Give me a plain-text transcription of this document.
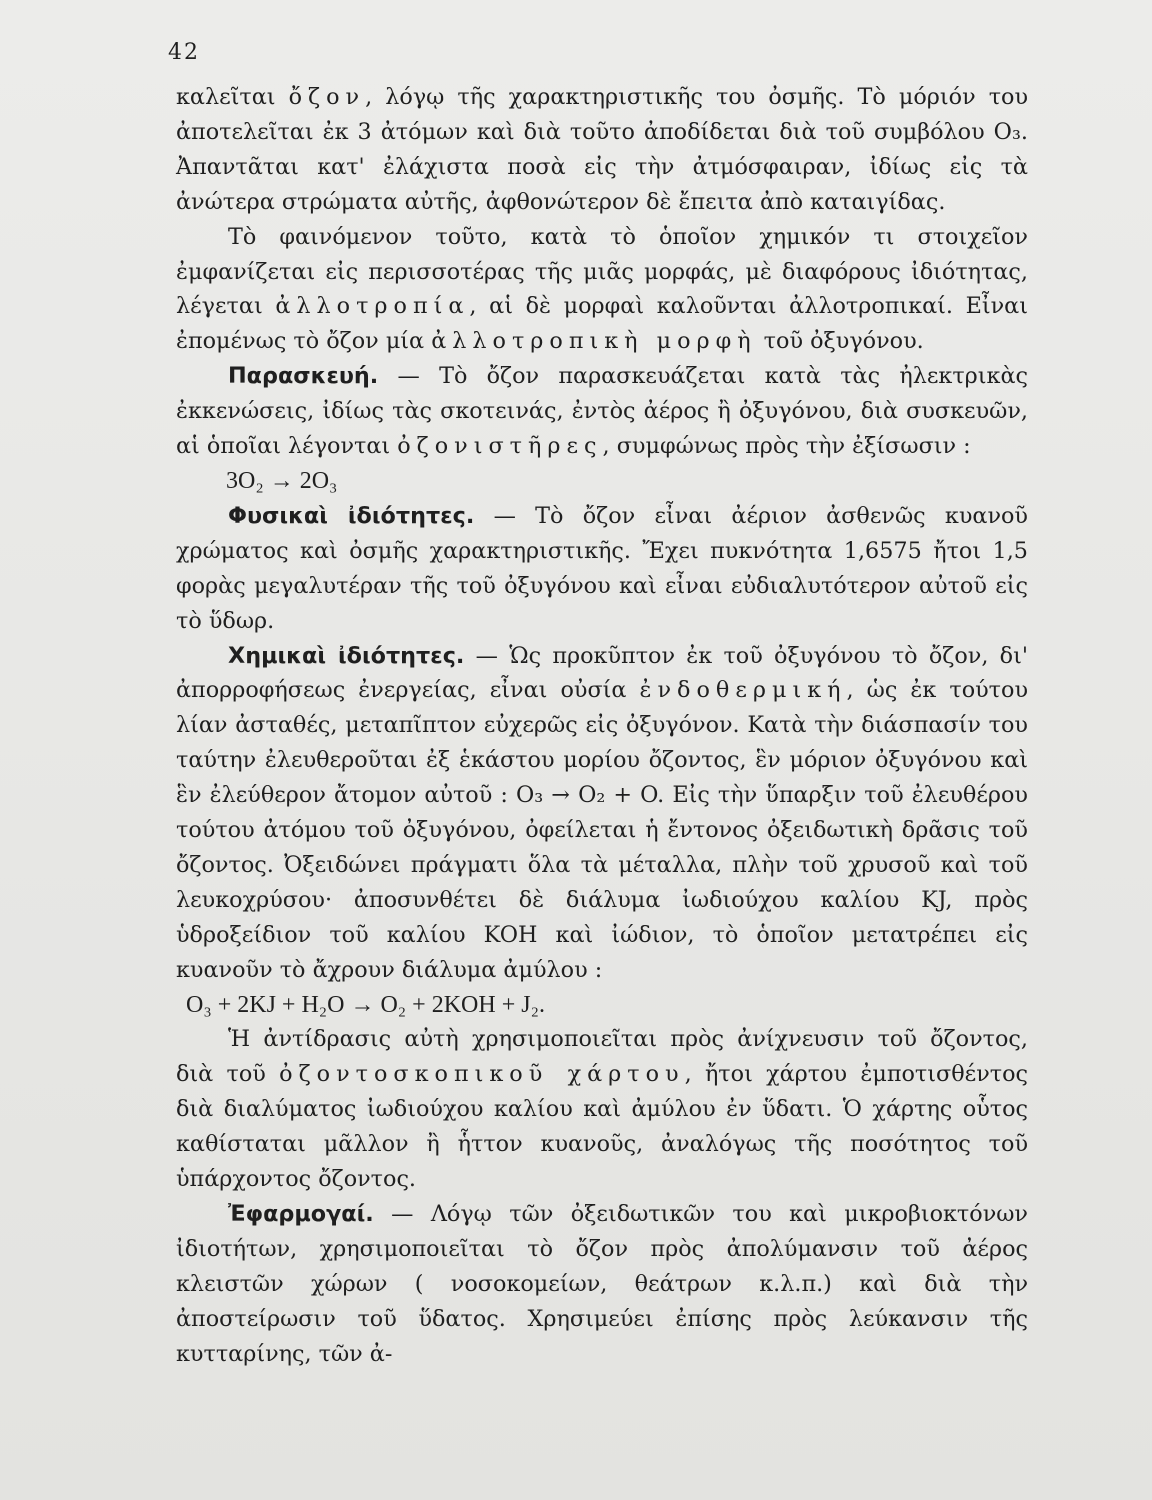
42

καλεῖται ὄζον, λόγῳ τῆς χαρακτηριστικῆς του ὀσμῆς. Τὸ μόριόν του ἀποτελεῖται ἐκ 3 ἀτόμων καὶ διὰ τοῦτο ἀποδίδεται διὰ τοῦ συμβόλου O₃. Ἀπαντᾶται κατ' ἐλάχιστα ποσὰ εἰς τὴν ἀτμόσφαιραν, ἰδίως εἰς τὰ ἀνώτερα στρώματα αὐτῆς, ἀφθονώτερον δὲ ἔπειτα ἀπὸ καταιγίδας.

Τὸ φαινόμενον τοῦτο, κατὰ τὸ ὁποῖον χημικόν τι στοιχεῖον ἐμφανίζεται εἰς περισσοτέρας τῆς μιᾶς μορφάς, μὲ διαφόρους ἰδιότητας, λέγεται ἀλλοτροπία, αἱ δὲ μορφαὶ καλοῦνται ἀλλοτροπικαί. Εἶναι ἐπομένως τὸ ὄζον μία ἀλλοτροπικὴ μορφὴ τοῦ ὀξυγόνου.

Παρασκευή. — Τὸ ὄζον παρασκευάζεται κατὰ τὰς ἠλεκτρικὰς ἐκκενώσεις, ἰδίως τὰς σκοτεινάς, ἐντὸς ἀέρος ἢ ὀξυγόνου, διὰ συσκευῶν, αἱ ὁποῖαι λέγονται ὀζονιστῆρες, συμφώνως πρὸς τὴν ἐξίσωσιν :

3O₂ → 2O₃

Φυσικαὶ ἰδιότητες. — Τὸ ὄζον εἶναι ἀέριον ἀσθενῶς κυανοῦ χρώματος καὶ ὀσμῆς χαρακτηριστικῆς. Ἔχει πυκνότητα 1,6575 ἤτοι 1,5 φορὰς μεγαλυτέραν τῆς τοῦ ὀξυγόνου καὶ εἶναι εὐδιαλυτότερον αὐτοῦ εἰς τὸ ὕδωρ.

Χημικαὶ ἰδιότητες. — Ὡς προκῦπτον ἐκ τοῦ ὀξυγόνου τὸ ὄζον, δι' ἀπορροφήσεως ἐνεργείας, εἶναι οὐσία ἐνδοθερμική, ὡς ἐκ τούτου λίαν ἀσταθές, μεταπῖπτον εὐχερῶς εἰς ὀξυγόνον. Κατὰ τὴν διάσπασίν του ταύτην ἐλευθεροῦται ἐξ ἑκάστου μορίου ὄζοντος, ἓν μόριον ὀξυγόνου καὶ ἓν ἐλεύθερον ἄτομον αὐτοῦ : O₃ → O₂ + O. Εἰς τὴν ὕπαρξιν τοῦ ἐλευθέρου τούτου ἀτόμου τοῦ ὀξυγόνου, ὀφείλεται ἡ ἔντονος ὀξειδωτικὴ δρᾶσις τοῦ ὄζοντος. Ὀξειδώνει πράγματι ὅλα τὰ μέταλλα, πλὴν τοῦ χρυσοῦ καὶ τοῦ λευκοχρύσου· ἀποσυνθέτει δὲ διάλυμα ἰωδιούχου καλίου KJ, πρὸς ὑδροξείδιον τοῦ καλίου KOH καὶ ἰώδιον, τὸ ὁποῖον μετατρέπει εἰς κυανοῦν τὸ ἄχρουν διάλυμα ἀμύλου :

O₃ + 2KJ + H₂O → O₂ + 2KOH + J₂.

Ἡ ἀντίδρασις αὐτὴ χρησιμοποιεῖται πρὸς ἀνίχνευσιν τοῦ ὄζοντος, διὰ τοῦ ὀζοντοσκοπικοῦ χάρτου, ἤτοι χάρτου ἐμποτισθέντος διὰ διαλύματος ἰωδιούχου καλίου καὶ ἀμύλου ἐν ὕδατι. Ὁ χάρτης οὗτος καθίσταται μᾶλλον ἢ ἧττον κυανοῦς, ἀναλόγως τῆς ποσότητος τοῦ ὑπάρχοντος ὄζοντος.

Ἐφαρμογαί. — Λόγῳ τῶν ὀξειδωτικῶν του καὶ μικροβιοκτόνων ἰδιοτήτων, χρησιμοποιεῖται τὸ ὄζον πρὸς ἀπολύμανσιν τοῦ ἀέρος κλειστῶν χώρων ( νοσοκομείων, θεάτρων κ.λ.π.) καὶ διὰ τὴν ἀποστείρωσιν τοῦ ὕδατος. Χρησιμεύει ἐπίσης πρὸς λεύκανσιν τῆς κυτταρίνης, τῶν ἀ-
